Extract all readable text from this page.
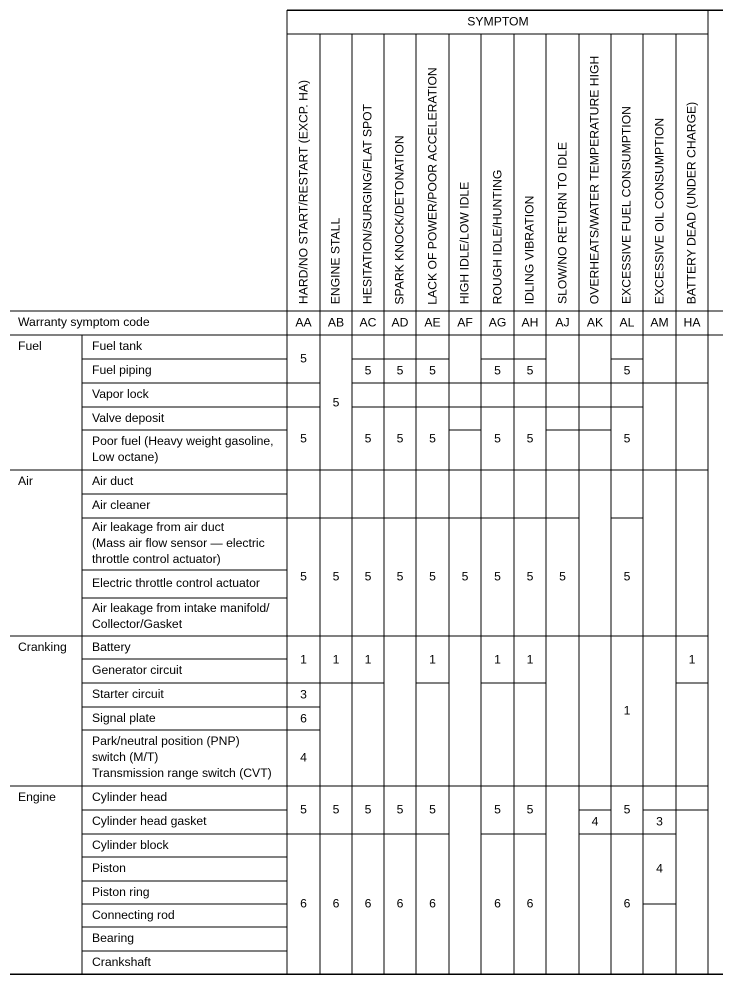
SYMPTOM
Warranty symptom code
HARD/NO START/RESTART (EXCP. HA)
AA
ENGINE STALL
AB
HESITATION/SURGING/FLAT SPOT
AC
SPARK KNOCK/DETONATION
AD
LACK OF POWER/POOR ACCELERATION
AE
HIGH IDLE/LOW IDLE
AF
ROUGH IDLE/HUNTING
AG
IDLING VIBRATION
AH
SLOW/NO RETURN TO IDLE
AJ
OVERHEATS/WATER TEMPERATURE HIGH
AK
EXCESSIVE FUEL CONSUMPTION
AL
EXCESSIVE OIL CONSUMPTION
AM
BATTERY DEAD (UNDER CHARGE)
HA
Fuel
Air
Cranking
Engine
Fuel tank
Fuel piping
Vapor lock
Valve deposit
Poor fuel (Heavy weight gasoline,
Low octane)
Air duct
Air cleaner
Air leakage from air duct
(Mass air flow sensor — electric
throttle control actuator)
Electric throttle control actuator
Air leakage from intake manifold/
Collector/Gasket
Battery
Generator circuit
Starter circuit
Signal plate
Park/neutral position (PNP)
switch (M/T)
Transmission range switch (CVT)
Cylinder head
Cylinder head gasket
Cylinder block
Piston
Piston ring
Connecting rod
Bearing
Crankshaft
5
5
5
1
3
6
4
5
6
5
5
1
5
6
5
5
5
1
5
6
5
5
5
5
6
5
5
5
1
5
6
5
5
5
5
1
5
6
5
5
5
1
5
6
5
4
5
5
5
1
5
6
3
4
1
